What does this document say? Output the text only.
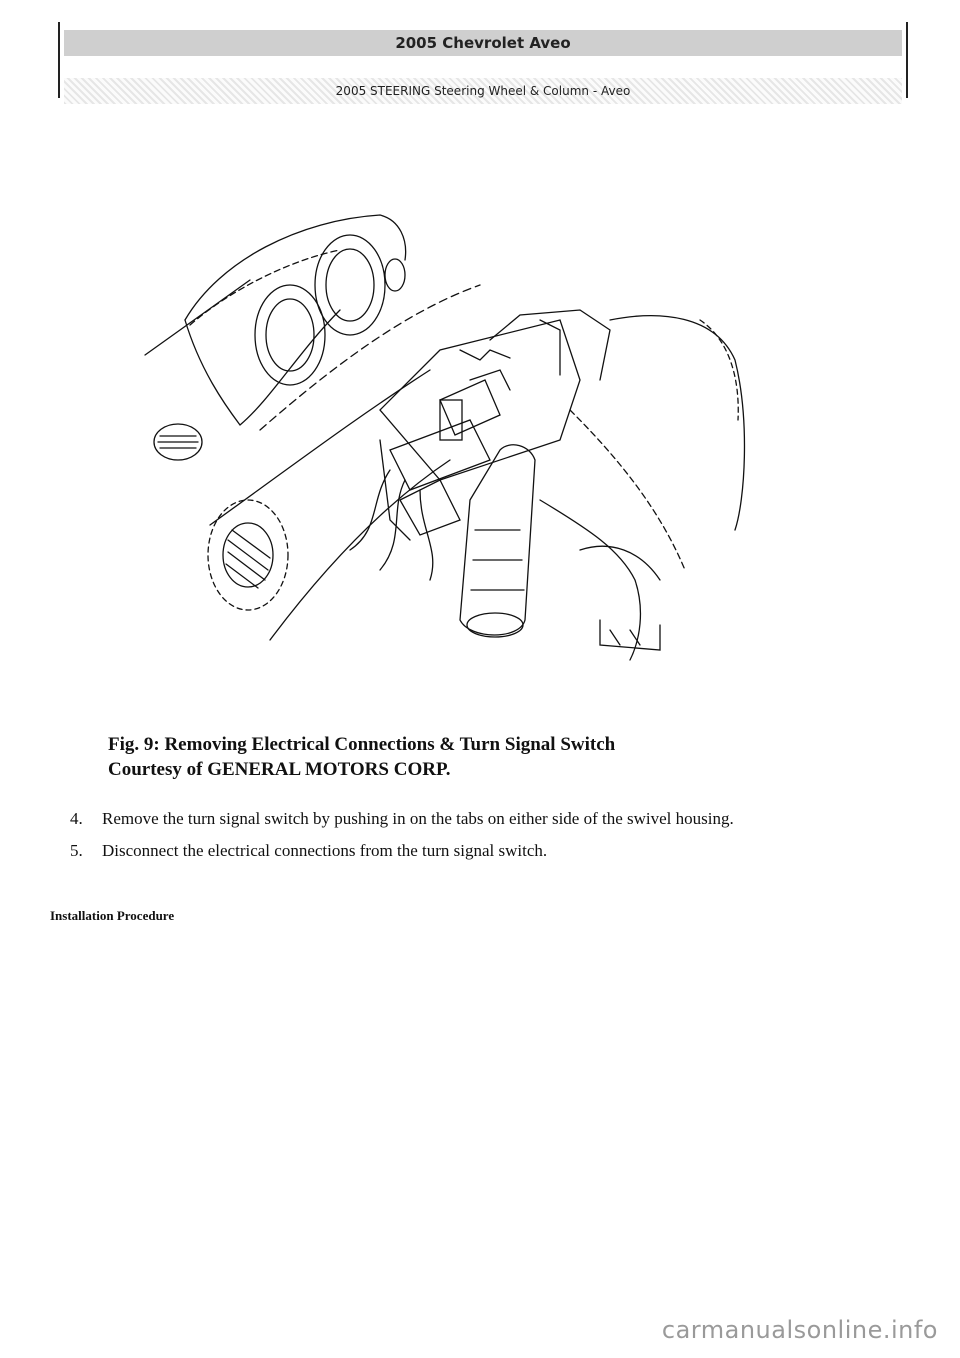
2005 Chevrolet Aveo
2005 STEERING Steering Wheel & Column - Aveo
Fig. 9: Removing Electrical Connections & Turn Signal Switch
Courtesy of GENERAL MOTORS CORP.
4.	Remove the turn signal switch by pushing in on the tabs on either side of the swivel housing.
5.	Disconnect the electrical connections from the turn signal switch.
Installation Procedure
carmanualsonline.info
